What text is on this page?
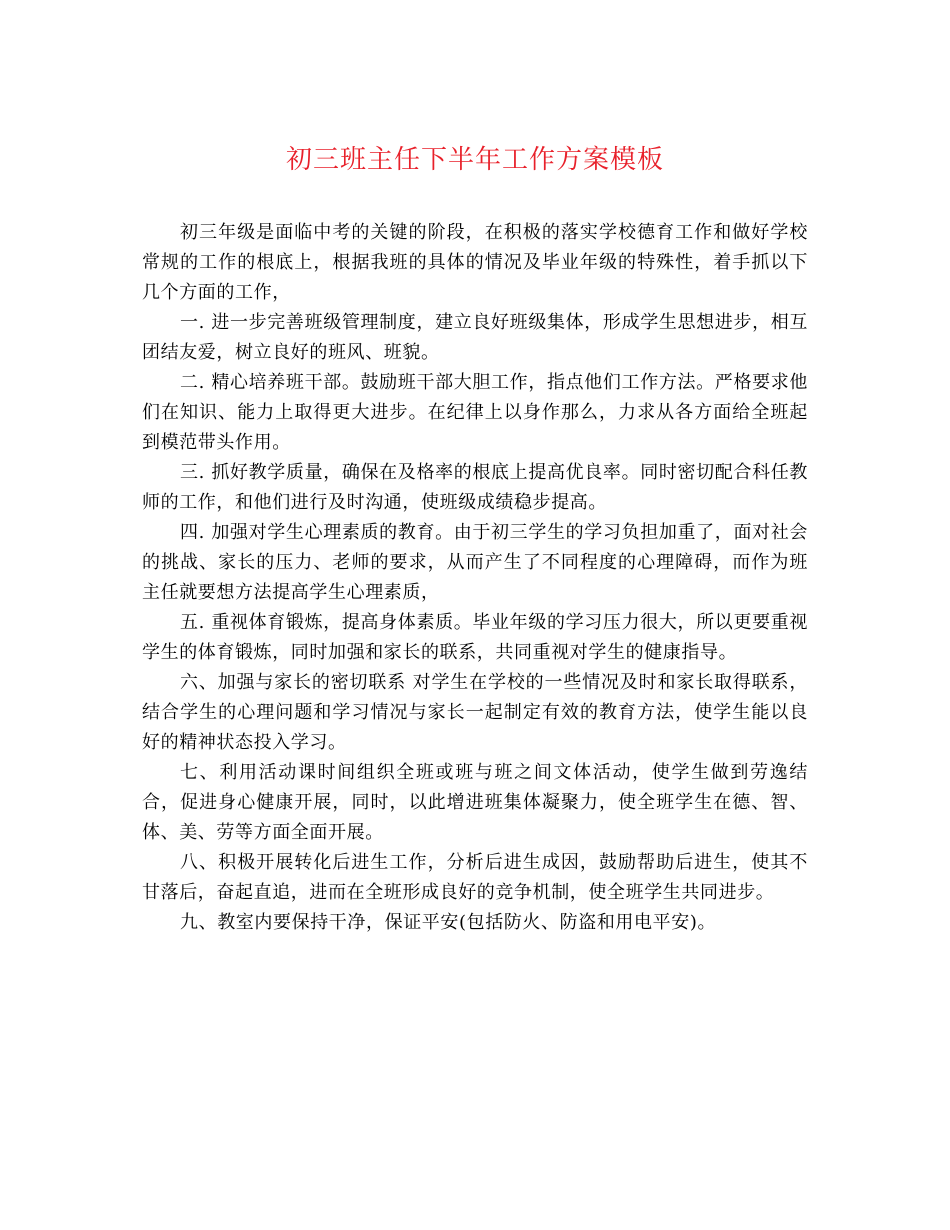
初三班主任下半年工作方案模板

初三年级是面临中考的关键的阶段，在积极的落实学校德育工作和做好学校常规的工作的根底上，根据我班的具体的情况及毕业年级的特殊性，着手抓以下几个方面的工作，

一. 进一步完善班级管理制度，建立良好班级集体，形成学生思想进步，相互团结友爱，树立良好的班风、班貌。

二. 精心培养班干部。鼓励班干部大胆工作，指点他们工作方法。严格要求他们在知识、能力上取得更大进步。在纪律上以身作那么，力求从各方面给全班起到模范带头作用。

三. 抓好教学质量，确保在及格率的根底上提高优良率。同时密切配合科任教师的工作，和他们进行及时沟通，使班级成绩稳步提高。

四. 加强对学生心理素质的教育。由于初三学生的学习负担加重了，面对社会的挑战、家长的压力、老师的要求，从而产生了不同程度的心理障碍，而作为班主任就要想方法提高学生心理素质，

五. 重视体育锻炼，提高身体素质。毕业年级的学习压力很大，所以更要重视学生的体育锻炼，同时加强和家长的联系，共同重视对学生的健康指导。

六、加强与家长的密切联系 对学生在学校的一些情况及时和家长取得联系，结合学生的心理问题和学习情况与家长一起制定有效的教育方法，使学生能以良好的精神状态投入学习。

七、利用活动课时间组织全班或班与班之间文体活动，使学生做到劳逸结合，促进身心健康开展，同时，以此增进班集体凝聚力，使全班学生在德、智、体、美、劳等方面全面开展。

八、积极开展转化后进生工作，分析后进生成因，鼓励帮助后进生，使其不甘落后，奋起直追，进而在全班形成良好的竞争机制，使全班学生共同进步。

九、教室内要保持干净，保证平安(包括防火、防盗和用电平安)。
